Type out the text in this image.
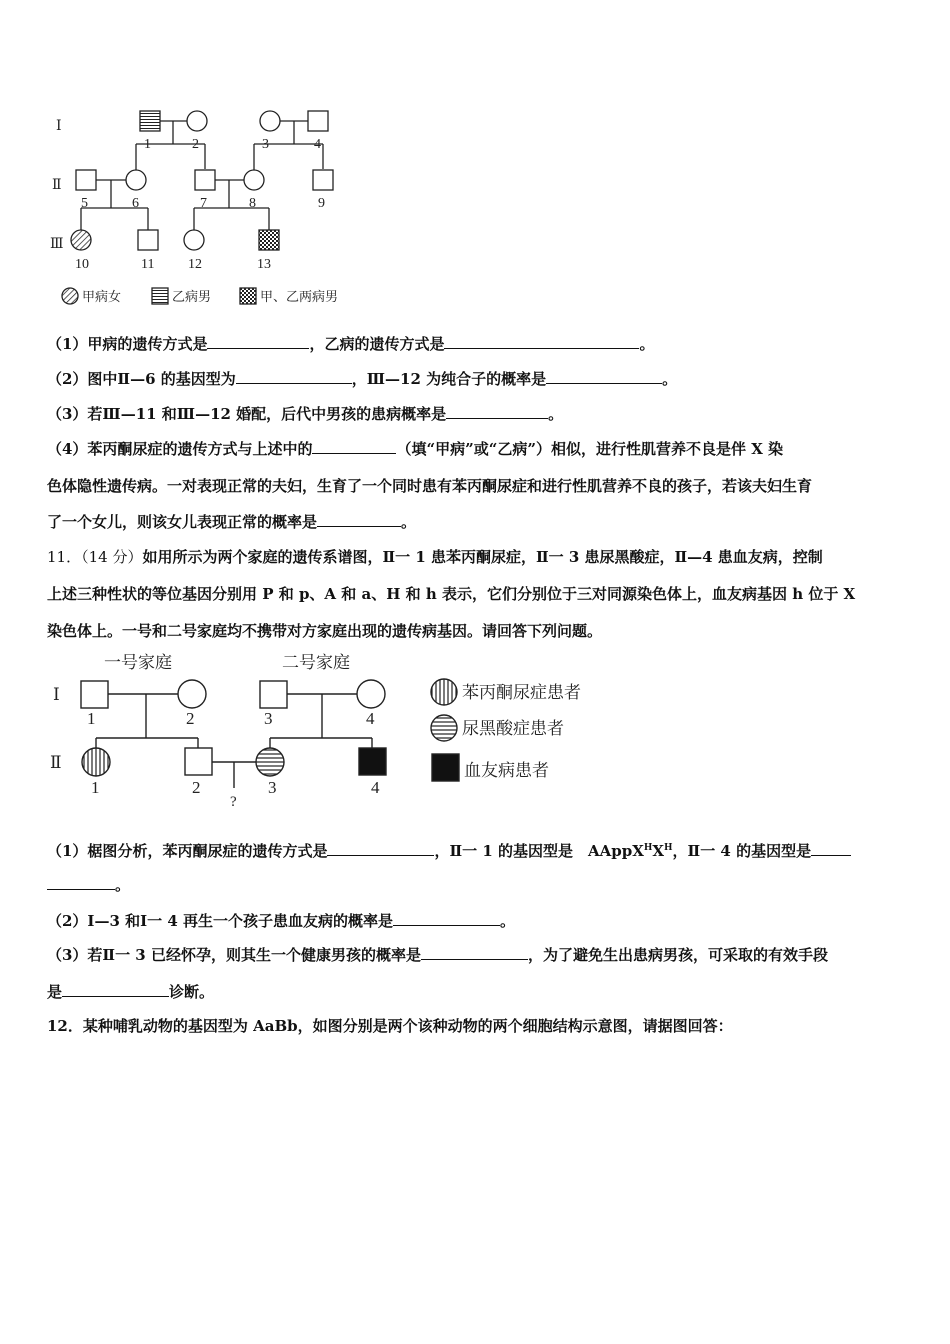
Ⅰ
Ⅱ
Ⅲ
1	2	3	4
5	6	7	8	9
10	11 12	13
甲病女	乙病男	甲、乙两病男
（1）甲病的遗传方式是	，乙病的遗传方式是	。
（2）图中Ⅱ—6 的基因型为	，Ⅲ—12 为纯合子的概率是	。
（3）若Ⅲ—11 和Ⅲ—12 婚配，后代中男孩的患病概率是	。
（4）苯丙酮尿症的遗传方式与上述中的	（填“甲病”或“乙病”）相似，进行性肌营养不良是伴 X 染
色体隐性遗传病。一对表现正常的夫妇，生育了一个同时患有苯丙酮尿症和进行性肌营养不良的孩子，若该夫妇生育
了一个女儿，则该女儿表现正常的概率是	。
11．（14 分）如用所示为两个家庭的遗传系谱图，Ⅱ一 1 患苯丙酮尿症，Ⅱ一 3 患尿黑酸症，Ⅱ—4 患血友病，控制
上述三种性状的等位基因分别用 P 和 p、A 和 a、H 和 h 表示，它们分别位于三对同源染色体上，血友病基因 h 位于 X
染色体上。一号和二号家庭均不携带对方家庭出现的遗传病基因。请回答下列问题。
一号家庭	二号家庭
Ⅰ
Ⅱ
1	2	3	4
1	2	3	4
?
苯丙酮尿症患者
尿黑酸症患者
血友病患者
（1）椐图分析，苯丙酮尿症的遗传方式是	，Ⅱ一 1 的基因型是　$AAppX^HX^H$，Ⅱ一 4 的基因型是
。
（2）Ⅰ—3 和Ⅰ一 4 再生一个孩子患血友病的概率是	。
（3）若Ⅱ一 3 已经怀孕，则其生一个健康男孩的概率是	，为了避免生出患病男孩，可采取的有效手段
是	诊断。
12．某种哺乳动物的基因型为 AaBb，如图分别是两个该种动物的两个细胞结构示意图，请据图回答：
